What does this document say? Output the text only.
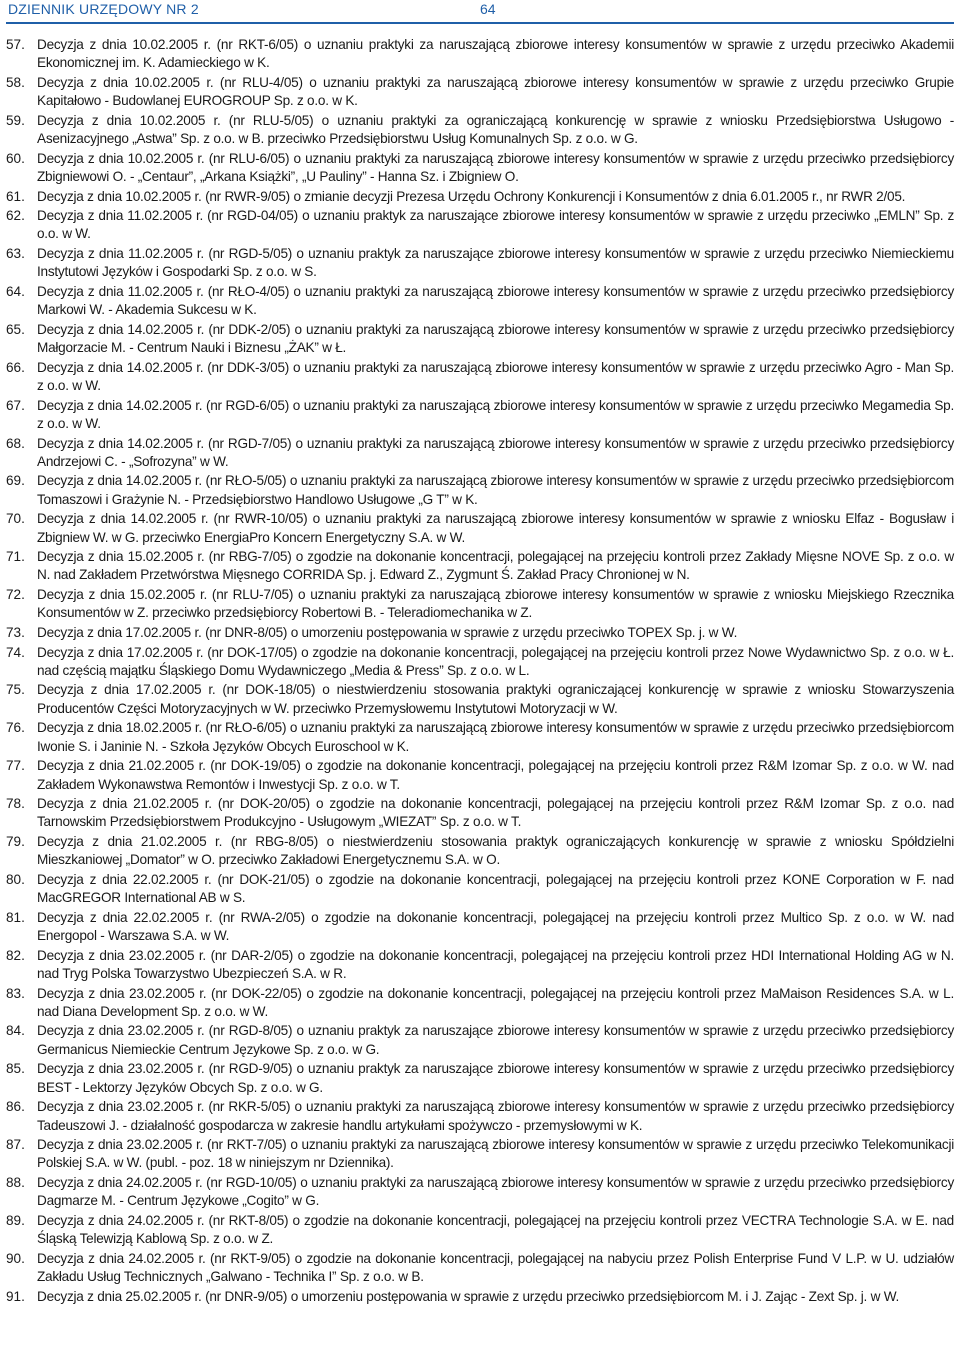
DZIENNIK URZĘDOWY NR 2	64
57. Decyzja z dnia 10.02.2005 r. (nr RKT-6/05) o uznaniu praktyki za naruszającą zbiorowe interesy konsumentów w sprawie z urzędu przeciwko Akademii Ekonomicznej im. K. Adamieckiego w K.
58. Decyzja z dnia 10.02.2005 r. (nr RLU-4/05) o uznaniu praktyki za naruszającą zbiorowe interesy konsumentów w sprawie z urzędu przeciwko Grupie Kapitałowo - Budowlanej EUROGROUP Sp. z o.o. w K.
59. Decyzja z dnia 10.02.2005 r. (nr RLU-5/05) o uznaniu praktyki za ograniczającą konkurencję w sprawie z wniosku Przedsiębiorstwa Usługowo - Asenizacyjnego „Astwa” Sp. z o.o. w B. przeciwko Przedsiębiorstwu Usług Komunalnych Sp. z o.o. w G.
60. Decyzja z dnia 10.02.2005 r. (nr RLU-6/05) o uznaniu praktyki za naruszającą zbiorowe interesy konsumentów w sprawie z urzędu przeciwko przedsiębiorcy Zbigniewowi O. - „Centaur”, „Arkana Książki”, „U Pauliny” - Hanna Sz. i Zbigniew O.
61. Decyzja z dnia 10.02.2005 r. (nr RWR-9/05) o zmianie decyzji Prezesa Urzędu Ochrony Konkurencji i Konsumentów z dnia 6.01.2005 r., nr RWR 2/05.
62. Decyzja z dnia 11.02.2005 r. (nr RGD-04/05) o uznaniu praktyk za naruszające zbiorowe interesy konsumentów w sprawie z urzędu przeciwko „EMLN” Sp. z o.o. w W.
63. Decyzja z dnia 11.02.2005 r. (nr RGD-5/05) o uznaniu praktyk za naruszające zbiorowe interesy konsumentów w sprawie z urzędu przeciwko Niemieckiemu Instytutowi Języków i Gospodarki Sp. z o.o. w S.
64. Decyzja z dnia 11.02.2005 r. (nr RŁO-4/05) o uznaniu praktyki za naruszającą zbiorowe interesy konsumentów w sprawie z urzędu przeciwko przedsiębiorcy Markowi W. - Akademia Sukcesu w K.
65. Decyzja z dnia 14.02.2005 r. (nr DDK-2/05) o uznaniu praktyki za naruszającą zbiorowe interesy konsumentów w sprawie z urzędu przeciwko przedsiębiorcy Małgorzacie M. - Centrum Nauki i Biznesu „ŻAK” w Ł.
66. Decyzja z dnia 14.02.2005 r. (nr DDK-3/05) o uznaniu praktyki za naruszającą zbiorowe interesy konsumentów w sprawie z urzędu przeciwko Agro - Man Sp. z o.o. w W.
67. Decyzja z dnia 14.02.2005 r. (nr RGD-6/05) o uznaniu praktyki za naruszającą zbiorowe interesy konsumentów w sprawie z urzędu przeciwko Megamedia Sp. z o.o. w W.
68. Decyzja z dnia 14.02.2005 r. (nr RGD-7/05) o uznaniu praktyki za naruszającą zbiorowe interesy konsumentów w sprawie z urzędu przeciwko przedsiębiorcy Andrzejowi C. - „Sofrozyna” w W.
69. Decyzja z dnia 14.02.2005 r. (nr RŁO-5/05) o uznaniu praktyki za naruszającą zbiorowe interesy konsumentów w sprawie z urzędu przeciwko przedsiębiorcom Tomaszowi i Grażynie N. - Przedsiębiorstwo Handlowo Usługowe „G T” w K.
70. Decyzja z dnia 14.02.2005 r. (nr RWR-10/05) o uznaniu praktyki za naruszającą zbiorowe interesy konsumentów w sprawie z wniosku Elfaz - Bogusław i Zbigniew W. w G. przeciwko EnergiaPro Koncern Energetyczny S.A. w W.
71. Decyzja z dnia 15.02.2005 r. (nr RBG-7/05) o zgodzie na dokonanie koncentracji, polegającej na przejęciu kontroli przez Zakłady Mięsne NOVE Sp. z o.o. w N. nad Zakładem Przetwórstwa Mięsnego CORRIDA Sp. j. Edward Z., Zygmunt Ś. Zakład Pracy Chronionej w N.
72. Decyzja z dnia 15.02.2005 r. (nr RLU-7/05) o uznaniu praktyki za naruszającą zbiorowe interesy konsumentów w sprawie z wniosku Miejskiego Rzecznika Konsumentów w Z. przeciwko przedsiębiorcy Robertowi B. - Teleradiomechanika w Z.
73. Decyzja z dnia 17.02.2005 r. (nr DNR-8/05) o umorzeniu postępowania w sprawie z urzędu przeciwko TOPEX Sp. j. w W.
74. Decyzja z dnia 17.02.2005 r. (nr DOK-17/05) o zgodzie na dokonanie koncentracji, polegającej na przejęciu kontroli przez Nowe Wydawnictwo Sp. z o.o. w Ł. nad częścią majątku Śląskiego Domu Wydawniczego „Media & Press” Sp. z o.o. w L.
75. Decyzja z dnia 17.02.2005 r. (nr DOK-18/05) o niestwierdzeniu stosowania praktyki ograniczającej konkurencję w sprawie z wniosku Stowarzyszenia Producentów Części Motoryzacyjnych w W. przeciwko Przemysłowemu Instytutowi Motoryzacji w W.
76. Decyzja z dnia 18.02.2005 r. (nr RŁO-6/05) o uznaniu praktyki za naruszającą zbiorowe interesy konsumentów w sprawie z urzędu przeciwko przedsiębiorcom Iwonie S. i Janinie N. - Szkoła Języków Obcych Euroschool w K.
77. Decyzja z dnia 21.02.2005 r. (nr DOK-19/05) o zgodzie na dokonanie koncentracji, polegającej na przejęciu kontroli przez R&M Izomar Sp. z o.o. w W. nad Zakładem Wykonawstwa Remontów i Inwestycji Sp. z o.o. w T.
78. Decyzja z dnia 21.02.2005 r. (nr DOK-20/05) o zgodzie na dokonanie koncentracji, polegającej na przejęciu kontroli przez R&M Izomar Sp. z o.o. nad Tarnowskim Przedsiębiorstwem Produkcyjno - Usługowym „WIEZAT” Sp. z o.o. w T.
79. Decyzja z dnia 21.02.2005 r. (nr RBG-8/05) o niestwierdzeniu stosowania praktyk ograniczających konkurencję w sprawie z wniosku Spółdzielni Mieszkaniowej „Domator” w O. przeciwko Zakładowi Energetycznemu S.A. w O.
80. Decyzja z dnia 22.02.2005 r. (nr DOK-21/05) o zgodzie na dokonanie koncentracji, polegającej na przejęciu kontroli przez KONE Corporation w F. nad MacGREGOR International AB w S.
81. Decyzja z dnia 22.02.2005 r. (nr RWA-2/05) o zgodzie na dokonanie koncentracji, polegającej na przejęciu kontroli przez Multico Sp. z o.o. w W. nad Energopol - Warszawa S.A. w W.
82. Decyzja z dnia 23.02.2005 r. (nr DAR-2/05) o zgodzie na dokonanie koncentracji, polegającej na przejęciu kontroli przez HDI International Holding AG w N. nad Tryg Polska Towarzystwo Ubezpieczeń S.A. w R.
83. Decyzja z dnia 23.02.2005 r. (nr DOK-22/05) o zgodzie na dokonanie koncentracji, polegającej na przejęciu kontroli przez MaMaison Residences S.A. w L. nad Diana Development Sp. z o.o. w W.
84. Decyzja z dnia 23.02.2005 r. (nr RGD-8/05) o uznaniu praktyk za naruszające zbiorowe interesy konsumentów w sprawie z urzędu przeciwko przedsiębiorcy Germanicus Niemieckie Centrum Językowe Sp. z o.o. w G.
85. Decyzja z dnia 23.02.2005 r. (nr RGD-9/05) o uznaniu praktyk za naruszające zbiorowe interesy konsumentów w sprawie z urzędu przeciwko przedsiębiorcy BEST - Lektorzy Języków Obcych Sp. z o.o. w G.
86. Decyzja z dnia 23.02.2005 r. (nr RKR-5/05) o uznaniu praktyki za naruszającą zbiorowe interesy konsumentów w sprawie z urzędu przeciwko przedsiębiorcy Tadeuszowi J. - działalność gospodarcza w zakresie handlu artykułami spożywczo - przemysłowymi w K.
87. Decyzja z dnia 23.02.2005 r. (nr RKT-7/05) o uznaniu praktyki za naruszającą zbiorowe interesy konsumentów w sprawie z urzędu przeciwko Telekomunikacji Polskiej S.A. w W. (publ. - poz. 18 w niniejszym nr Dziennika).
88. Decyzja z dnia 24.02.2005 r. (nr RGD-10/05) o uznaniu praktyki za naruszającą zbiorowe interesy konsumentów w sprawie z urzędu przeciwko przedsiębiorcy Dagmarze M. - Centrum Językowe „Cogito” w G.
89. Decyzja z dnia 24.02.2005 r. (nr RKT-8/05) o zgodzie na dokonanie koncentracji, polegającej na przejęciu kontroli przez VECTRA Technologie S.A. w E. nad Śląską Telewizją Kablową Sp. z o.o. w Z.
90. Decyzja z dnia 24.02.2005 r. (nr RKT-9/05) o zgodzie na dokonanie koncentracji, polegającej na nabyciu przez Polish Enterprise Fund V L.P. w U. udziałów Zakładu Usług Technicznych „Galwano - Technika I” Sp. z o.o. w B.
91. Decyzja z dnia 25.02.2005 r. (nr DNR-9/05) o umorzeniu postępowania w sprawie z urzędu przeciwko przedsiębiorcom M. i J. Zając - Zext Sp. j. w W.
